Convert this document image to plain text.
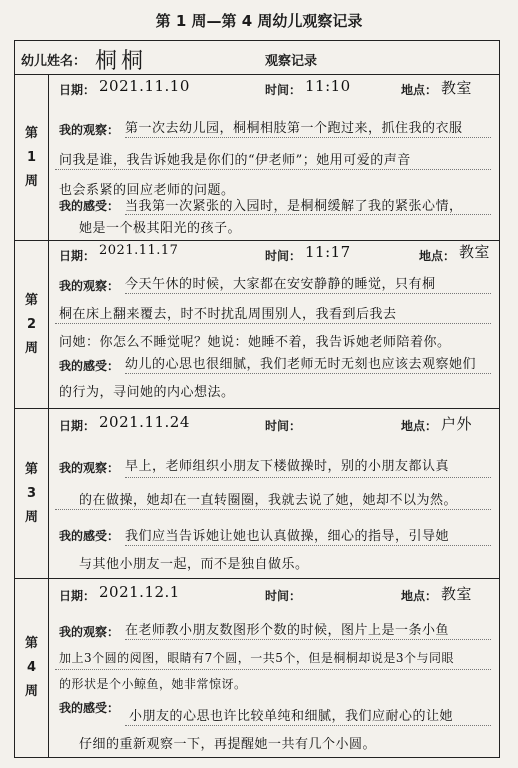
第 1 周—第 4 周幼儿观察记录
幼儿姓名： 桐桐	观察记录
第
1
周
日期： 2021.11.10	时间： 11:10	地点： 教室
我的观察： 第一次去幼儿园，桐桐相肢第一个跑过来，抓住我的衣服
问我是谁，我告诉她我是你们的“伊老师”；她用可爱的声音
也会系紧的回应老师的问题。
我的感受： 当我第一次紧张的入园时，是桐桐缓解了我的紧张心情，
她是一个极其阳光的孩子。
第
2
周
日期： 2021.11.17	时间： 11:17	地点： 教室
我的观察： 今天午休的时候，大家都在安安静静的睡觉，只有桐
桐在床上翻来覆去，时不时扰乱周围别人，我看到后我去
问她：你怎么不睡觉呢？她说：她睡不着，我告诉她老师陪着你。
我的感受： 幼儿的心思也很细腻，我们老师无时无刻也应该去观察她们
的行为，寻问她的内心想法。
第
3
周
日期： 2021.11.24	时间：	地点： 户外
我的观察： 早上，老师组织小朋友下楼做操时，别的小朋友都认真
的在做操，她却在一直转圈圈，我就去说了她，她却不以为然。
我的感受： 我们应当告诉她让她也认真做操，细心的指导，引导她
与其他小朋友一起，而不是独自做乐。
第
4
周
日期： 2021.12.1	时间：	地点： 教室
我的观察： 在老师教小朋友数图形个数的时候，图片上是一条小鱼
加上3个圆的阅图，眼睛有7个圆，一共5个，但是桐桐却说是3个与同眼
的形状是个小鲸鱼，她非常惊讶。
我的感受：
小朋友的心思也许比较单纯和细腻，我们应耐心的让她
仔细的重新观察一下，再提醒她一共有几个小圆。
